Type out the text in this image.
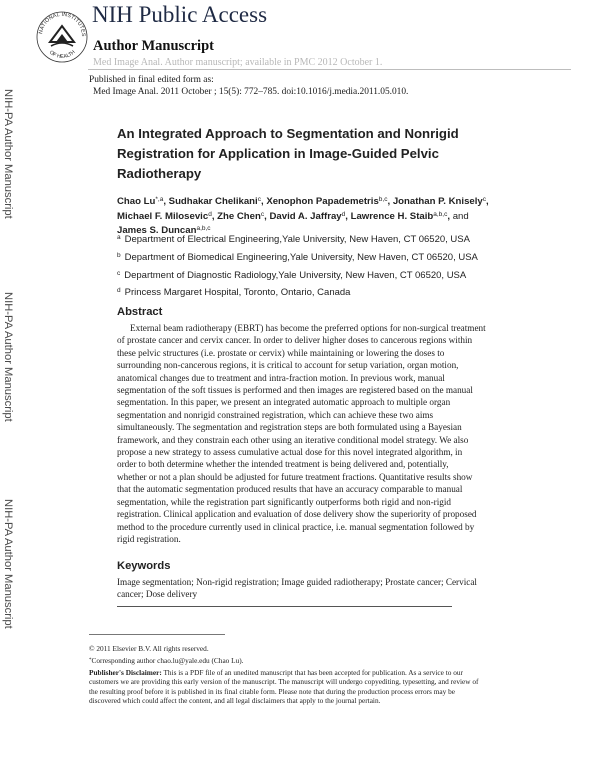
NATIONAL INSTITUTES
OF HEALTH
NIH Public Access
Author Manuscript
Med Image Anal. Author manuscript; available in PMC 2012 October 1.
Published in final edited form as:
Med Image Anal. 2011 October ; 15(5): 772–785. doi:10.1016/j.media.2011.05.010.
NIH-PA Author Manuscript
NIH-PA Author Manuscript
NIH-PA Author Manuscript
An Integrated Approach to Segmentation and Nonrigid
Registration for Application in Image-Guided Pelvic
Radiotherapy
Chao $Lu^{*,a}$, Sudhakar Chelikani$^c$, Xenophon Papademetris$^{b,c}$, Jonathan P. Knisely$^c$, Michael F. Milosevic$^d$, Zhe Chen$^c$, David A. Jaffray$^d$, Lawrence H. Staib$^{a,b,c}$, and James S. Duncan$^{a,b,c}$
$^a$ Department of Electrical Engineering,Yale University, New Haven, CT 06520, USA
$^b$ Department of Biomedical Engineering,Yale University, New Haven, CT 06520, USA
$^c$ Department of Diagnostic Radiology,Yale University, New Haven, CT 06520, USA
$^d$ Princess Margaret Hospital, Toronto, Ontario, Canada
Abstract
External beam radiotherapy (EBRT) has become the preferred options for non-surgical treatment
of prostate cancer and cervix cancer. In order to deliver higher doses to cancerous regions within
these pelvic structures (i.e. prostate or cervix) while maintaining or lowering the doses to
surrounding non-cancerous regions, it is critical to account for setup variation, organ motion,
anatomical changes due to treatment and intra-fraction motion. In previous work, manual
segmentation of the soft tissues is performed and then images are registered based on the manual
segmentation. In this paper, we present an integrated automatic approach to multiple organ
segmentation and nonrigid constrained registration, which can achieve these two aims
simultaneously. The segmentation and registration steps are both formulated using a Bayesian
framework, and they constrain each other using an iterative conditional model strategy. We also
propose a new strategy to assess cumulative actual dose for this novel integrated algorithm, in
order to both determine whether the intended treatment is being delivered and, potentially,
whether or not a plan should be adjusted for future treatment fractions. Quantitative results show
that the automatic segmentation produced results that have an accuracy comparable to manual
segmentation, while the registration part significantly outperforms both rigid and non-rigid
registration. Clinical application and evaluation of dose delivery show the superiority of proposed
method to the procedure currently used in clinical practice, i.e. manual segmentation followed by
rigid registration.
Keywords
Image segmentation; Non-rigid registration; Image guided radiotherapy; Prostate cancer; Cervical
cancer; Dose delivery
© 2011 Elsevier B.V. All rights reserved.
*Corresponding author chao.lu@yale.edu (Chao Lu).
Publisher's Disclaimer: This is a PDF file of an unedited manuscript that has been accepted for publication. As a service to our
customers we are providing this early version of the manuscript. The manuscript will undergo copyediting, typesetting, and review of
the resulting proof before it is published in its final citable form. Please note that during the production process errors may be
discovered which could affect the content, and all legal disclaimers that apply to the journal pertain.
